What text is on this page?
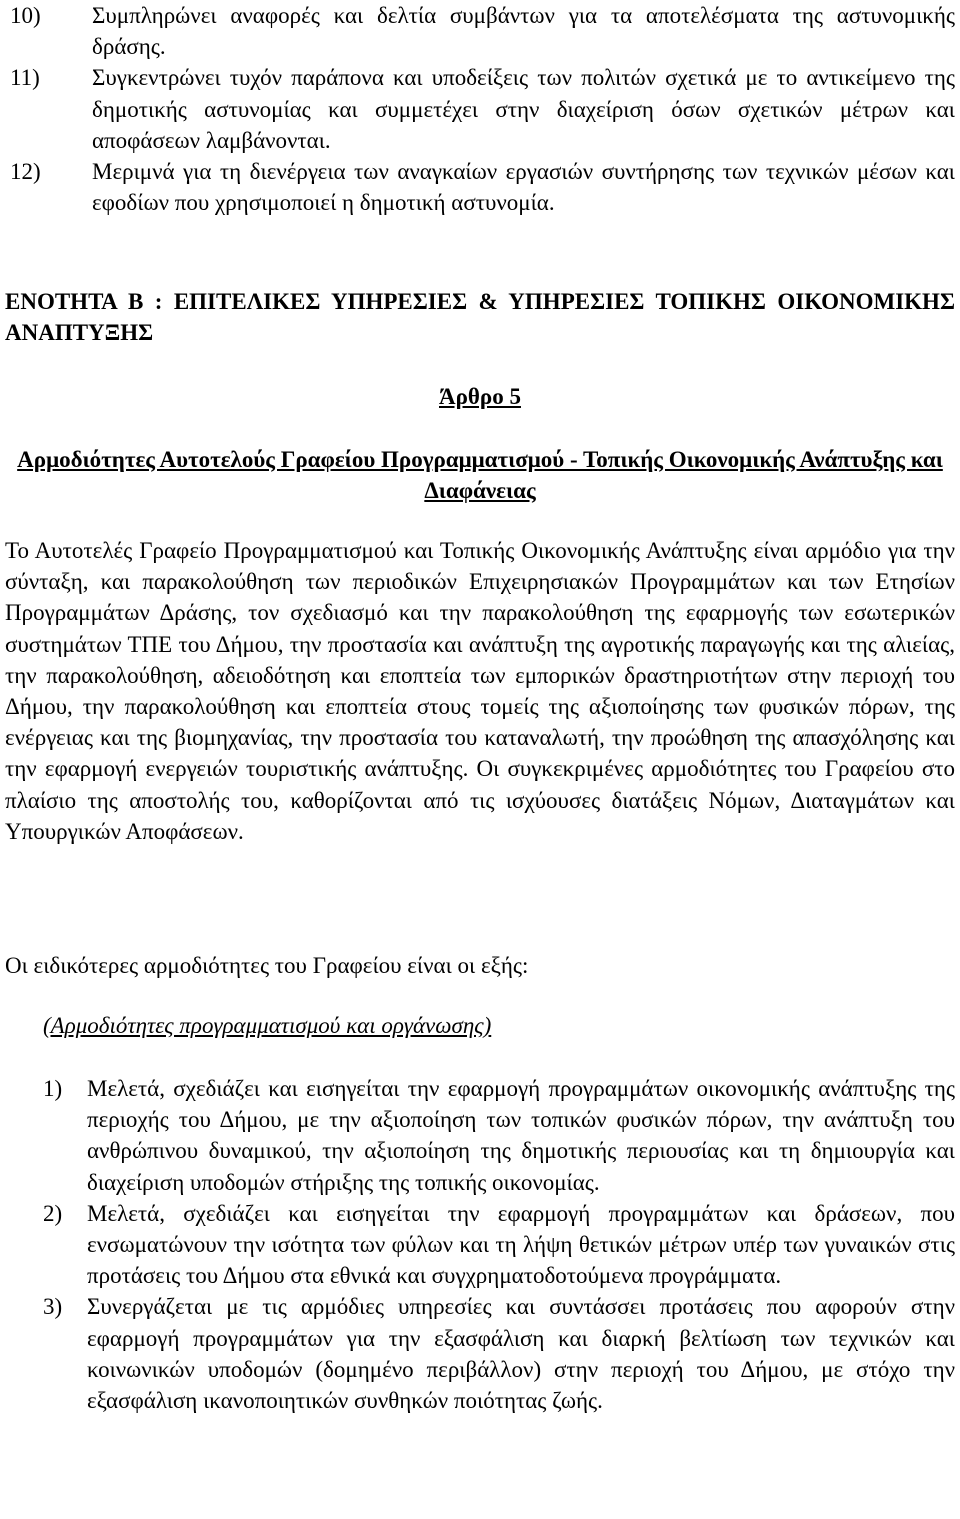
10)	Συμπληρώνει αναφορές και δελτία συμβάντων για τα αποτελέσματα της αστυνομικής δράσης.
11)	Συγκεντρώνει τυχόν παράπονα και υποδείξεις των πολιτών σχετικά με το αντικείμενο της δημοτικής αστυνομίας και συμμετέχει στην διαχείριση όσων σχετικών μέτρων και αποφάσεων λαμβάνονται.
12)	Μεριμνά για τη διενέργεια των αναγκαίων εργασιών συντήρησης των τεχνικών μέσων και εφοδίων που χρησιμοποιεί η δημοτική αστυνομία.

ΕΝΟΤΗΤΑ Β : ΕΠΙΤΕΛΙΚΕΣ ΥΠΗΡΕΣΙΕΣ & ΥΠΗΡΕΣΙΕΣ ΤΟΠΙΚΗΣ ΟΙΚΟΝΟΜΙΚΗΣ ΑΝΑΠΤΥΞΗΣ

Άρθρο 5

Αρμοδιότητες Αυτοτελούς Γραφείου Προγραμματισμού - Τοπικής Οικονομικής Ανάπτυξης και Διαφάνειας

Το Αυτοτελές Γραφείο Προγραμματισμού και Τοπικής Οικονομικής Ανάπτυξης είναι αρμόδιο για την σύνταξη, και παρακολούθηση των περιοδικών Επιχειρησιακών Προγραμμάτων και των Ετησίων Προγραμμάτων Δράσης, τον σχεδιασμό και την παρακολούθηση της εφαρμογής των εσωτερικών συστημάτων ΤΠΕ του Δήμου, την προστασία και ανάπτυξη της αγροτικής παραγωγής και της αλιείας, την παρακολούθηση, αδειοδότηση και εποπτεία των εμπορικών δραστηριοτήτων στην περιοχή του Δήμου, την παρακολούθηση και εποπτεία στους τομείς της αξιοποίησης των φυσικών πόρων, της ενέργειας και της βιομηχανίας, την προστασία του καταναλωτή, την προώθηση της απασχόλησης και την εφαρμογή ενεργειών τουριστικής ανάπτυξης. Οι συγκεκριμένες αρμοδιότητες του Γραφείου στο πλαίσιο της αποστολής του, καθορίζονται από τις ισχύουσες διατάξεις Νόμων, Διαταγμάτων και Υπουργικών Αποφάσεων.

Οι ειδικότερες αρμοδιότητες του Γραφείου είναι οι εξής:

(Αρμοδιότητες προγραμματισμού και οργάνωσης)

1)	Μελετά, σχεδιάζει και εισηγείται την εφαρμογή προγραμμάτων οικονομικής ανάπτυξης της περιοχής του Δήμου, με την αξιοποίηση των τοπικών φυσικών πόρων, την ανάπτυξη του ανθρώπινου δυναμικού, την αξιοποίηση της δημοτικής περιουσίας και τη δημιουργία και διαχείριση υποδομών στήριξης της τοπικής οικονομίας.
2)	Μελετά, σχεδιάζει και εισηγείται την εφαρμογή προγραμμάτων και δράσεων, που ενσωματώνουν την ισότητα των φύλων και τη λήψη θετικών μέτρων υπέρ των γυναικών στις προτάσεις του Δήμου στα εθνικά και συγχρηματοδοτούμενα προγράμματα.
3)	Συνεργάζεται με τις αρμόδιες υπηρεσίες και συντάσσει προτάσεις που αφορούν στην εφαρμογή προγραμμάτων για την εξασφάλιση και διαρκή βελτίωση των τεχνικών και κοινωνικών υποδομών (δομημένο περιβάλλον) στην περιοχή του Δήμου, με στόχο την εξασφάλιση ικανοποιητικών συνθηκών ποιότητας ζωής.
